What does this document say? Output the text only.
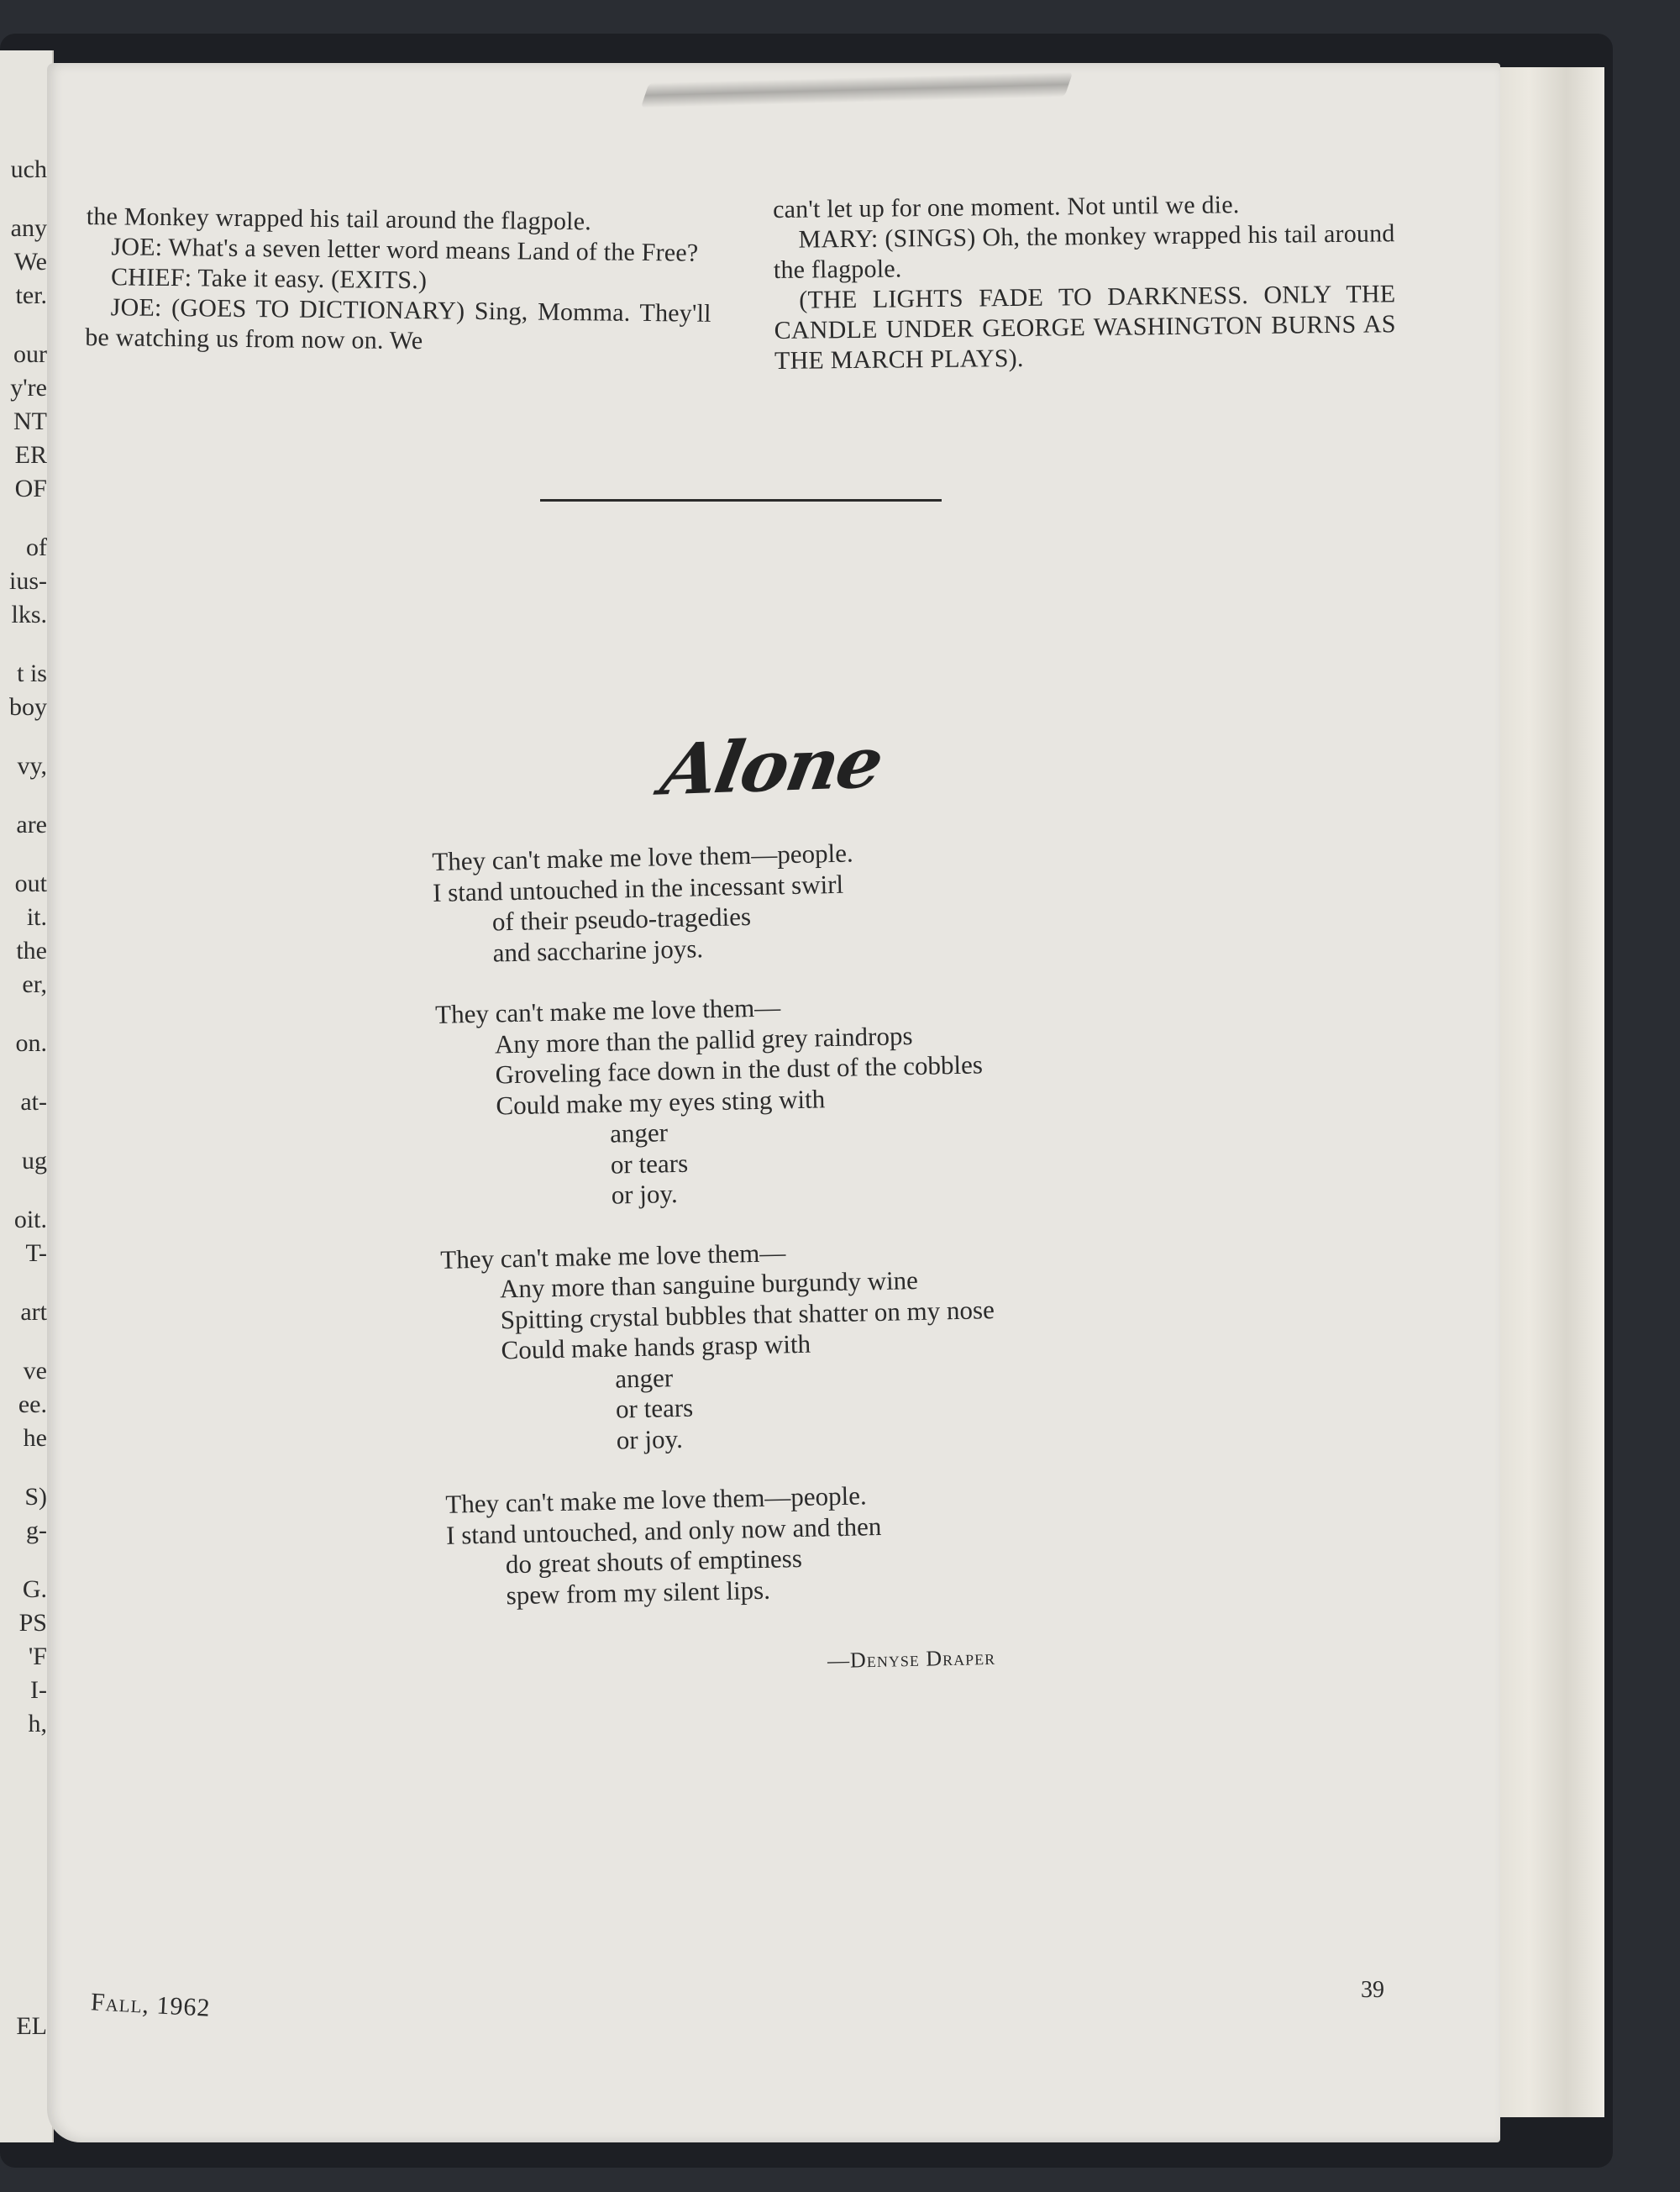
uch
any
We
ter.
our
y're
NT
ER
OF
of
ius-
lks.
t is
boy
vy,
are
out
it.
the
er,
on.
at-
ug
oit.
T-
art
ve
ee.
he
S)
g-
G.
PS
'F
I-
h,
EL

the Monkey wrapped his tail around the flagpole.

JOE: What's a seven letter word means Land of the Free?

CHIEF: Take it easy. (EXITS.)

JOE: (GOES TO DICTIONARY) Sing, Momma. They'll be watching us from now on. We

can't let up for one moment. Not until we die.

MARY: (SINGS) Oh, the monkey wrapped his tail around the flagpole.

(THE LIGHTS FADE TO DARKNESS. ONLY THE CANDLE UNDER GEORGE WASHINGTON BURNS AS THE MARCH PLAYS).

Alone
They can't make me love them—people.
I stand untouched in the incessant swirl
of their pseudo-tragedies
and saccharine joys.
They can't make me love them—
Any more than the pallid grey raindrops
Groveling face down in the dust of the cobbles
Could make my eyes sting with
anger
or tears
or joy.
They can't make me love them—
Any more than sanguine burgundy wine
Spitting crystal bubbles that shatter on my nose
Could make hands grasp with
anger
or tears
or joy.
They can't make me love them—people.
I stand untouched, and only now and then
do great shouts of emptiness
spew from my silent lips.
—Denyse Draper
Fall, 1962	39
